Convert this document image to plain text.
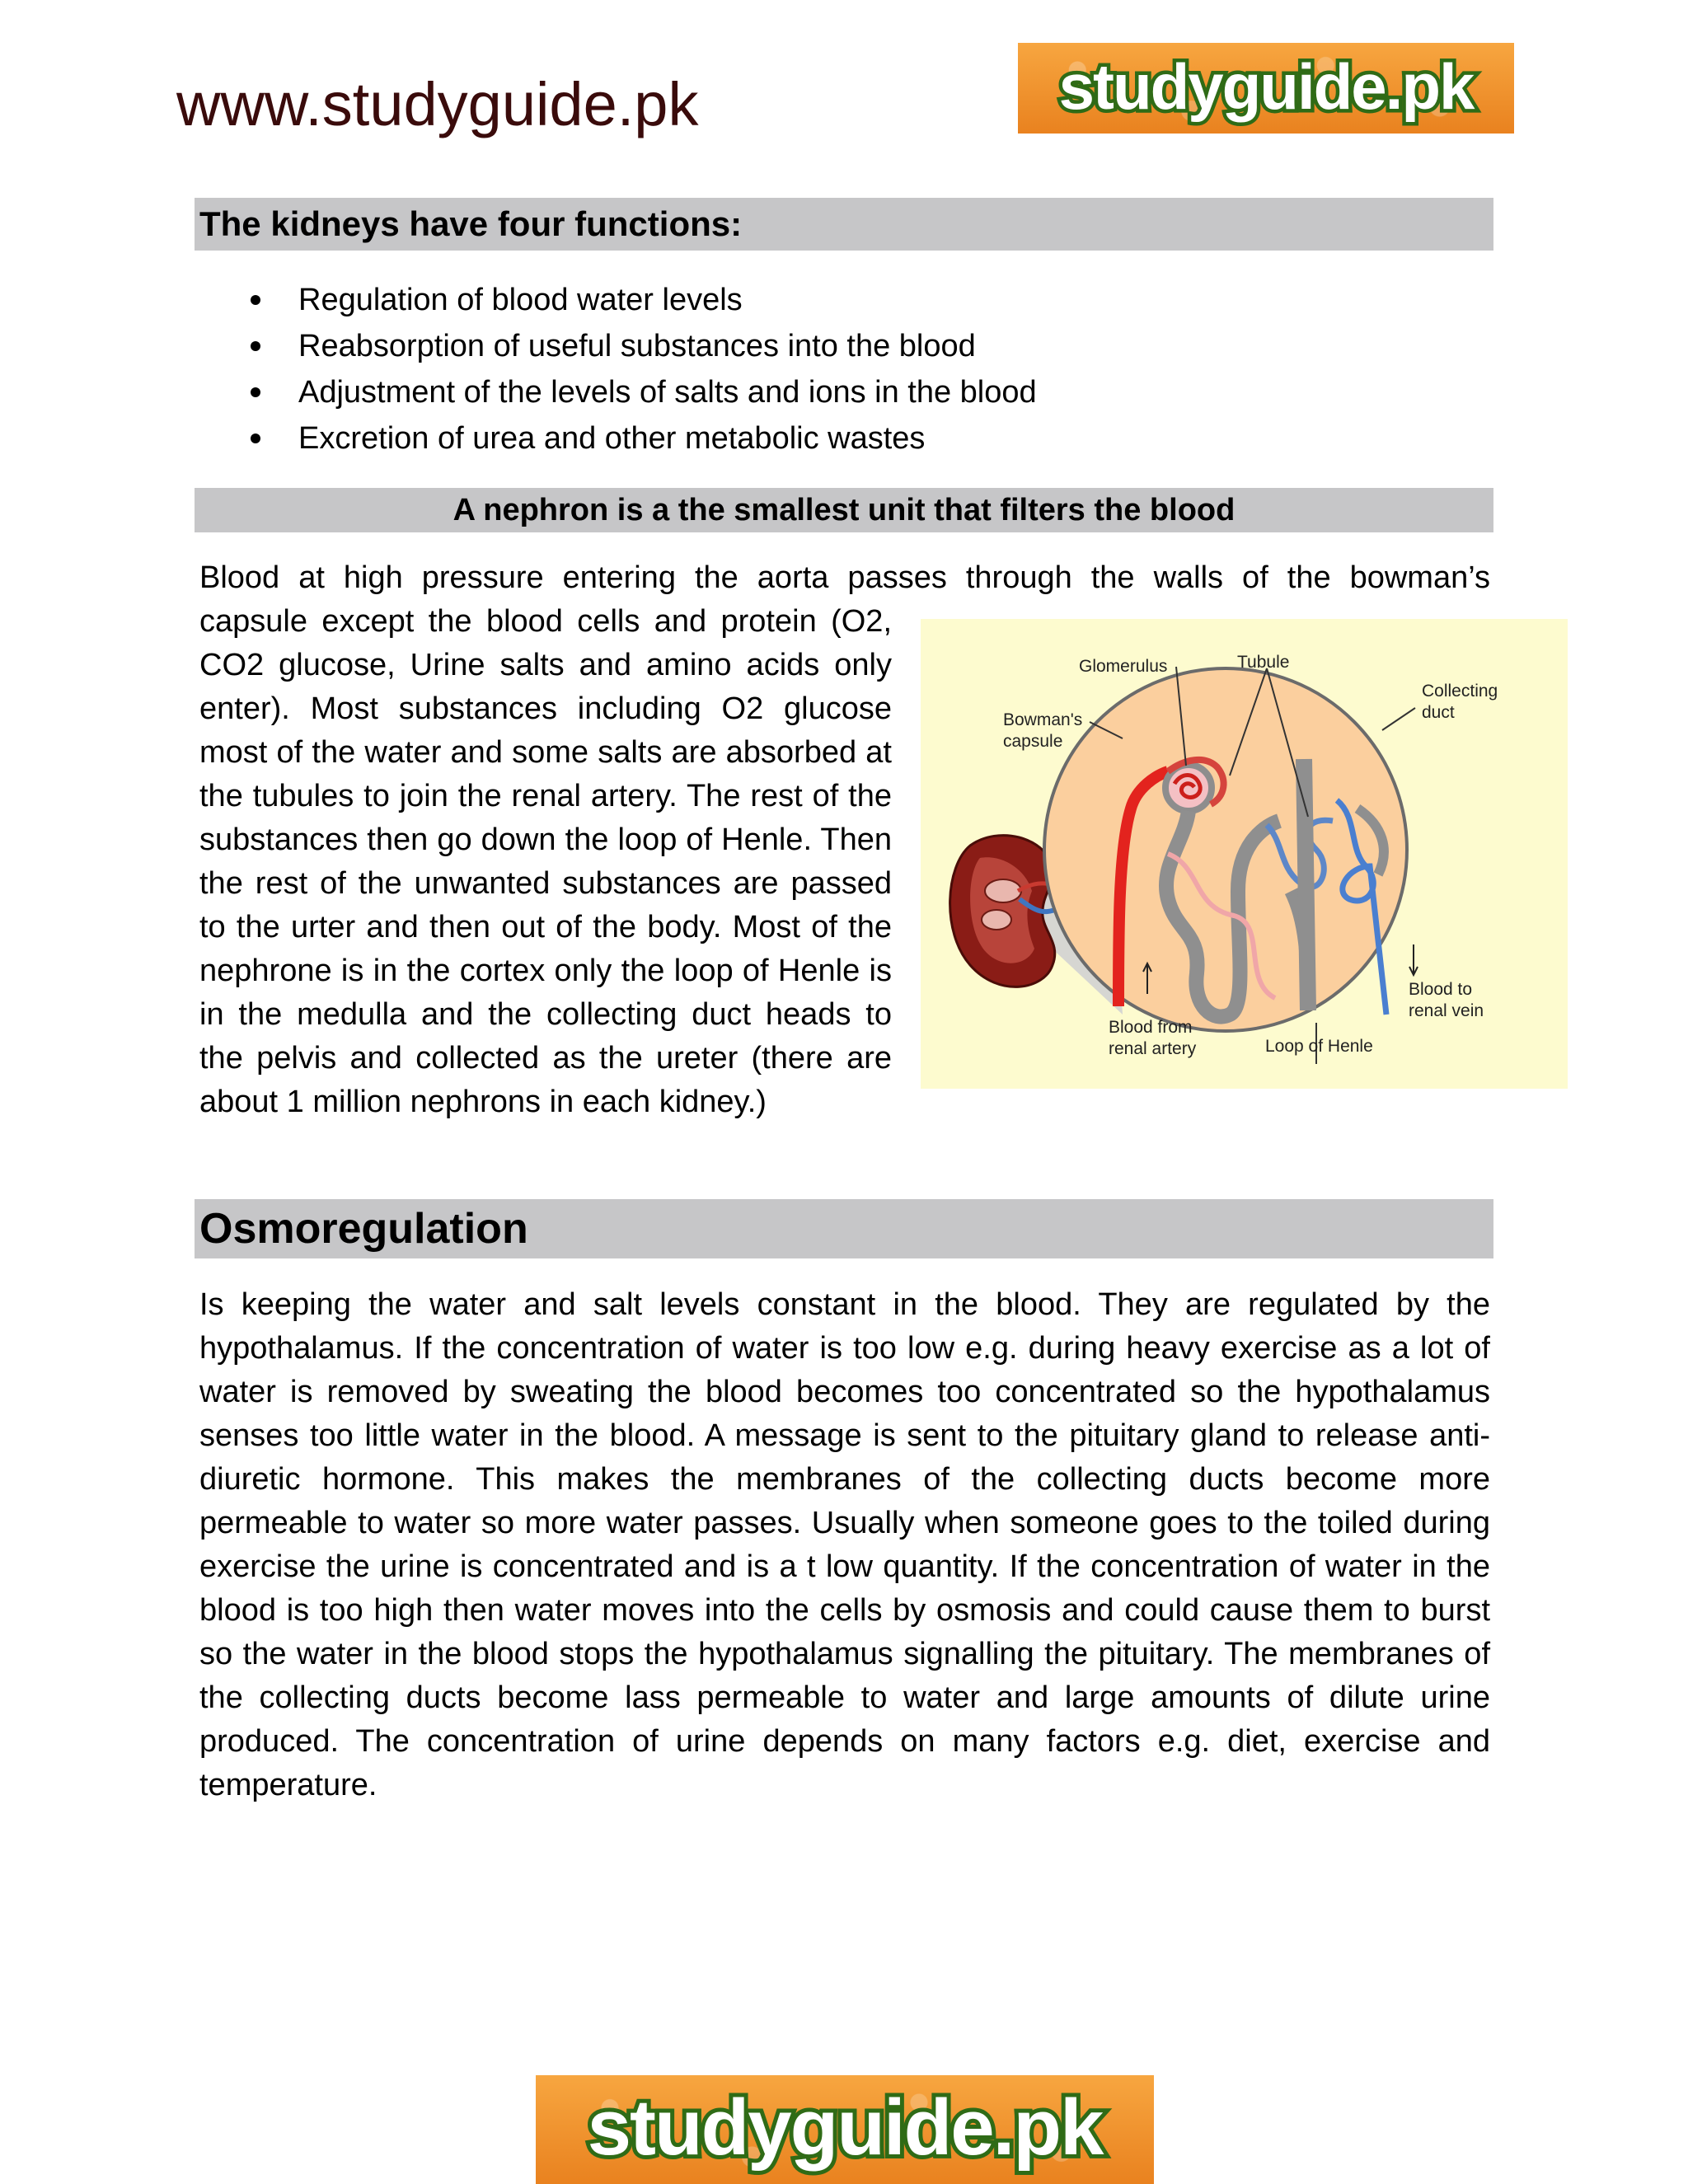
www.studyguide.pk	studyguide.pk
The kidneys have four functions:
Regulation of blood water levels
Reabsorption of useful substances into the blood
Adjustment of the levels of salts and ions in the blood
Excretion of urea and other metabolic wastes
A nephron is a the smallest unit that filters the blood
Blood at high pressure entering the aorta passes through the walls of the bowman’s
capsule except the blood cells and protein (O2, CO2 glucose, Urine salts and amino acids only enter). Most substances including O2 glucose most of the water and some salts are absorbed at the tubules to join the renal artery. The rest of the substances then go down the loop of Henle. Then the rest of the unwanted substances are passed to the urter and then out of the body. Most of the nephrone is in the cortex only the loop of Henle is in the medulla and the collecting duct heads to the pelvis and collected as the ureter (there are about 1 million nephrons in each kidney.)
Glomerulus	Tubule
Collecting
duct
Bowman's
capsule
Blood to
renal vein
Blood from
renal artery	Loop of Henle
Osmoregulation
Is keeping the water and salt levels constant in the blood. They are regulated by the hypothalamus. If the concentration of water is too low e.g. during heavy exercise as a lot of water is removed by sweating the blood becomes too concentrated so the hypothalamus senses too little water in the blood. A message is sent to the pituitary gland to release anti-diuretic hormone. This makes the membranes of the collecting ducts become more permeable to water so more water passes. Usually when someone goes to the toiled during exercise the urine is concentrated and is a t low quantity. If the concentration of water in the blood is too high then water moves into the cells by osmosis and could cause them to burst so the water in the blood stops the hypothalamus signalling the pituitary. The membranes of the collecting ducts become lass permeable to water and large amounts of dilute urine produced. The concentration of urine depends on many factors e.g. diet, exercise and temperature.
studyguide.pk
